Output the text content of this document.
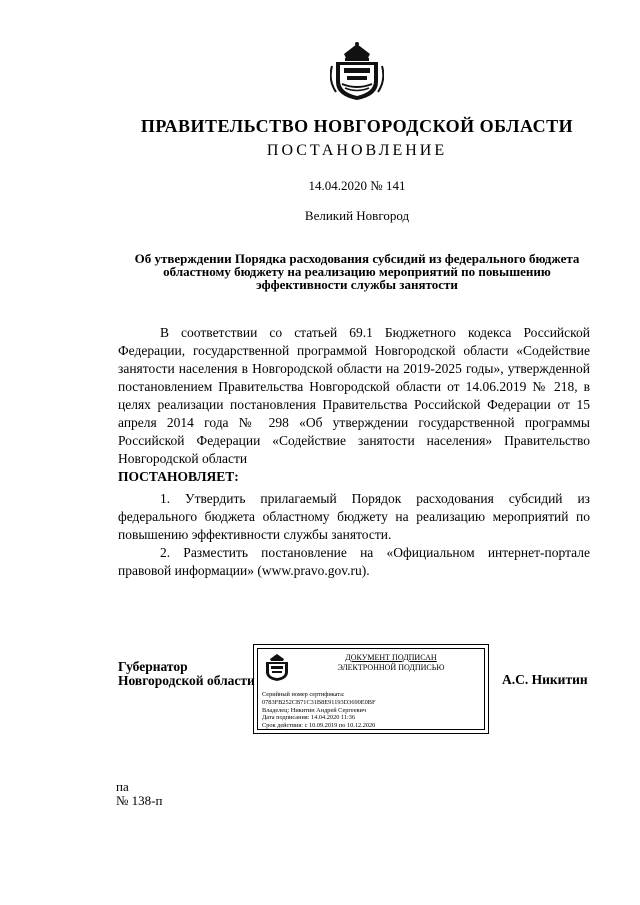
ПРАВИТЕЛЬСТВО НОВГОРОДСКОЙ ОБЛАСТИ
ПОСТАНОВЛЕНИЕ
14.04.2020 № 141
Великий Новгород
Об утверждении Порядка расходования субсидий из федерального бюджета областному бюджету на реализацию мероприятий по повышению эффективности службы занятости

В соответствии со статьей 69.1 Бюджетного кодекса Российской Федерации, государственной программой Новгородской области «Содействие занятости населения в Новгородской области на 2019-2025 годы», утвержденной постановлением Правительства Новгородской области от 14.06.2019 № 218, в целях реализации постановления Правительства Российской Федерации от 15 апреля 2014 года № 298 «Об утверждении государственной программы Российской Федерации «Содействие занятости населения» Правительство Новгородской области

ПОСТАНОВЛЯЕТ:

1. Утвердить прилагаемый Порядок расходования субсидий из федерального бюджета областному бюджету на реализацию мероприятий по повышению эффективности службы занятости.

2. Разместить постановление на «Официальном интернет-портале правовой информации» (www.pravo.gov.ru).

Губернатор
Новгородской области
ДОКУМЕНТ ПОДПИСАН
ЭЛЕКТРОННОЙ ПОДПИСЬЮ
Серийный номер сертификата:
0783FB252CB71C31B8E91193D3690E0BF
Владелец: Никитин Андрей Сергеевич
Дата подписания: 14.04.2020 11:36
Срок действия: с 10.09.2019 по 10.12.2020
А.С. Никитин
па
№ 138-п
